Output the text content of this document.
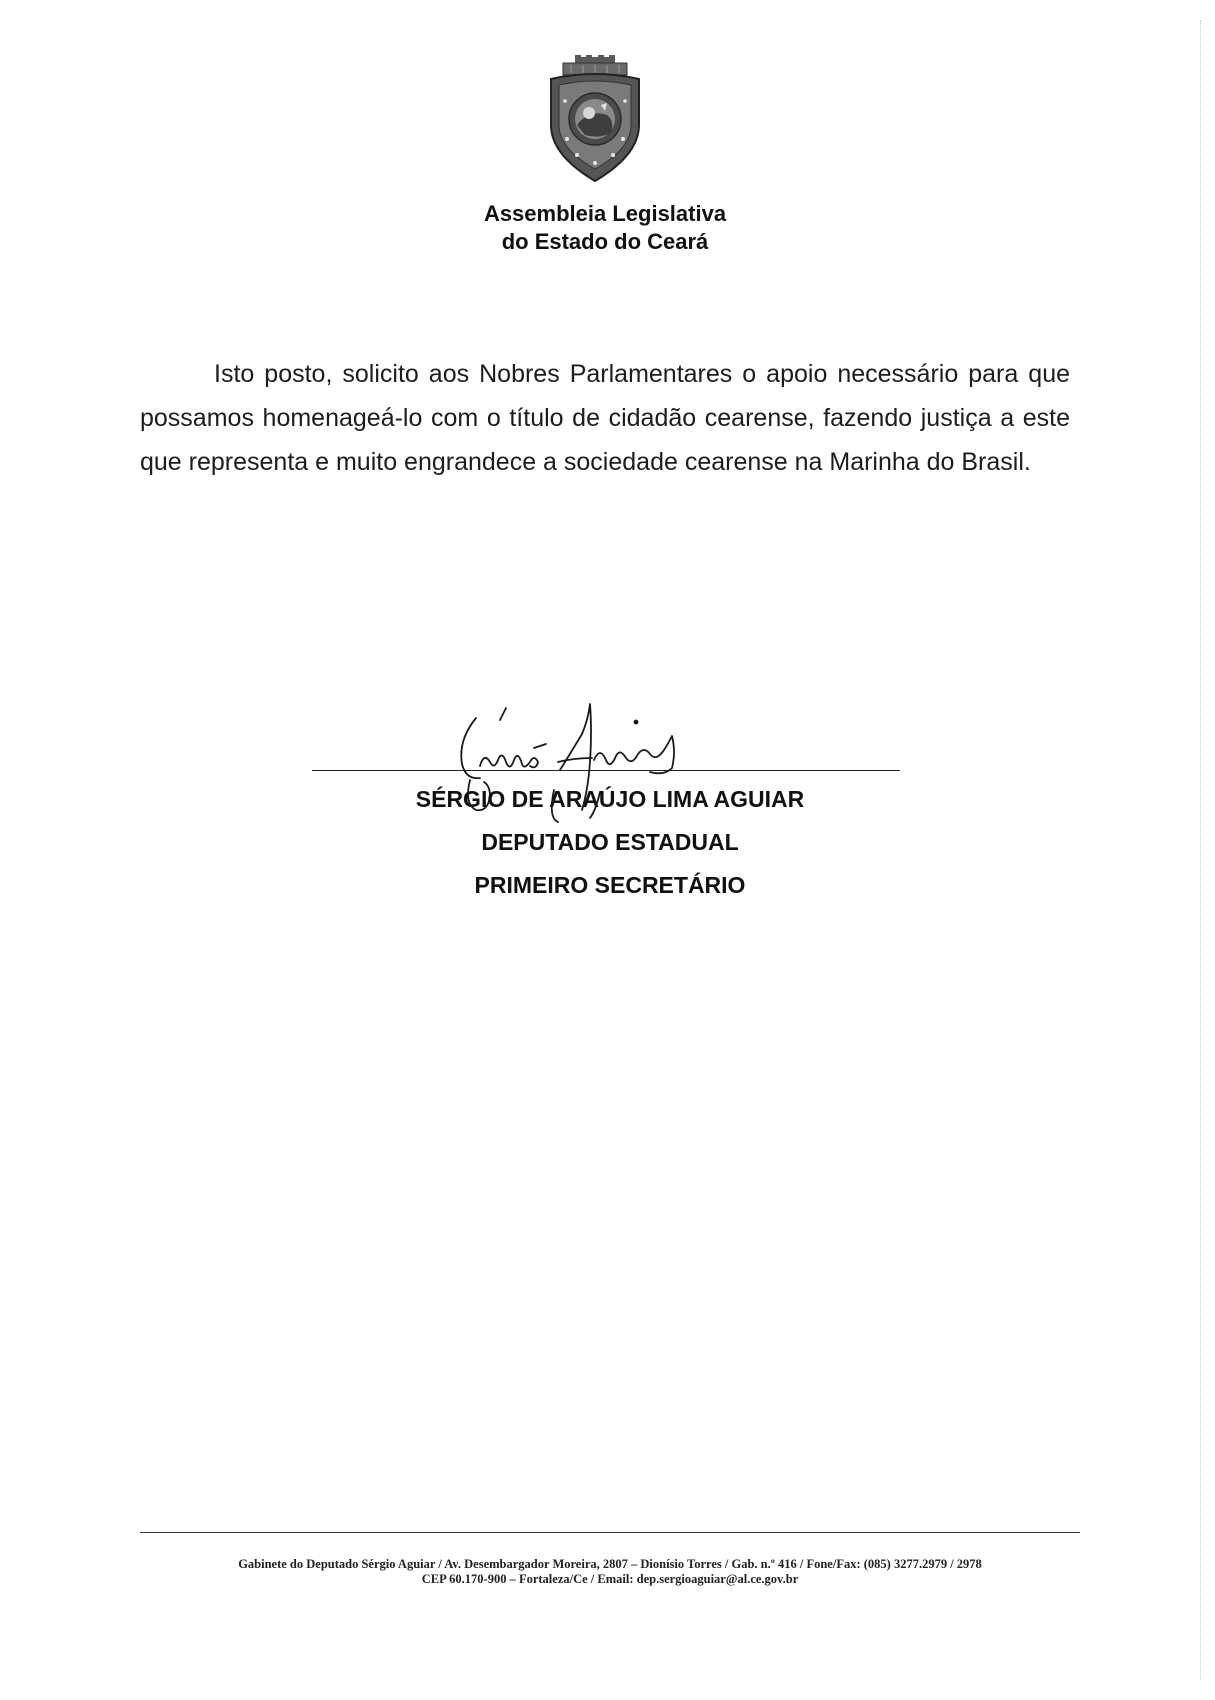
Assembleia Legislativa
do Estado do Ceará

Isto posto, solicito aos Nobres Parlamentares o apoio necessário para que possamos homenageá-lo com o título de cidadão cearense, fazendo justiça a este que representa e muito engrandece a sociedade cearense na Marinha do Brasil.

SÉRGIO DE ARAÚJO LIMA AGUIAR
DEPUTADO ESTADUAL
PRIMEIRO SECRETÁRIO
Gabinete do Deputado Sérgio Aguiar / Av. Desembargador Moreira, 2807 – Dionísio Torres / Gab. n.º 416 / Fone/Fax: (085) 3277.2979 / 2978
CEP 60.170-900 – Fortaleza/Ce / Email: dep.sergioaguiar@al.ce.gov.br
